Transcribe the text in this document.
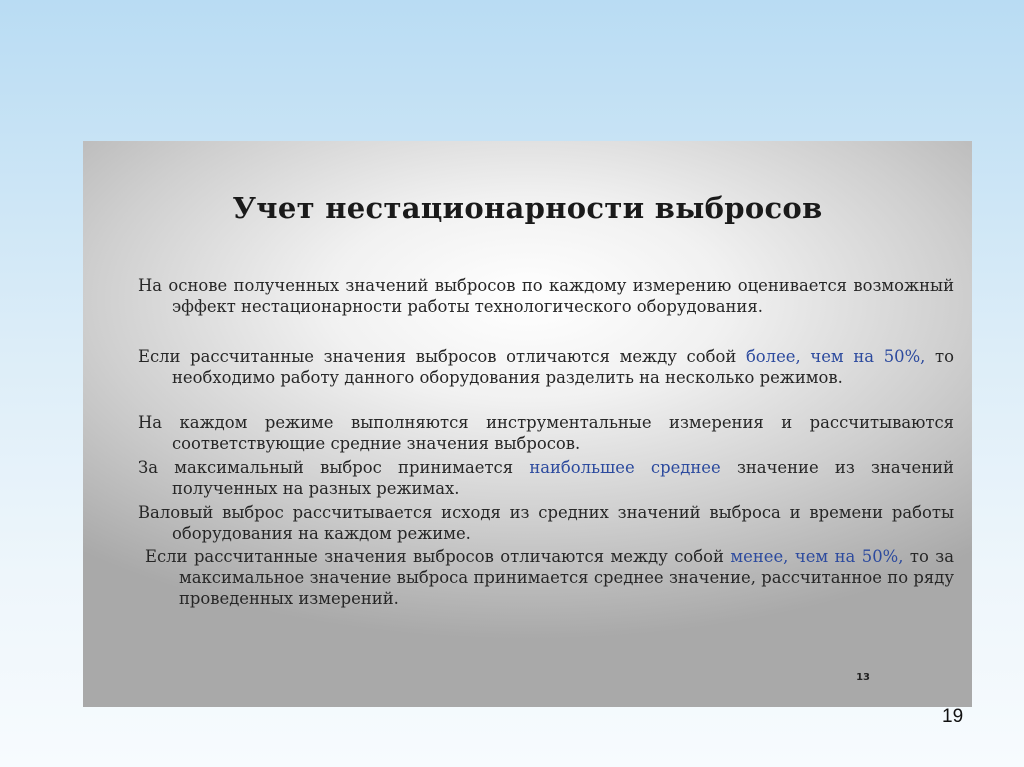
Учет нестационарности выбросов
На основе полученных значений выбросов по каждому измерению оценивается возможный эффект нестационарности работы технологического оборудования.
Если рассчитанные значения выбросов отличаются между собой более, чем на 50%, то необходимо работу данного оборудования разделить на несколько режимов.
На каждом режиме выполняются инструментальные измерения и рассчитываются соответствующие средние значения выбросов.
За максимальный выброс принимается наибольшее среднее значение из значений полученных на разных режимах.
Валовый выброс рассчитывается исходя из средних значений выброса и времени работы оборудования на каждом режиме.
Если рассчитанные значения выбросов отличаются между собой менее, чем на 50%, то за максимальное значение выброса принимается среднее значение, рассчитанное по ряду проведенных измерений.
13
19
